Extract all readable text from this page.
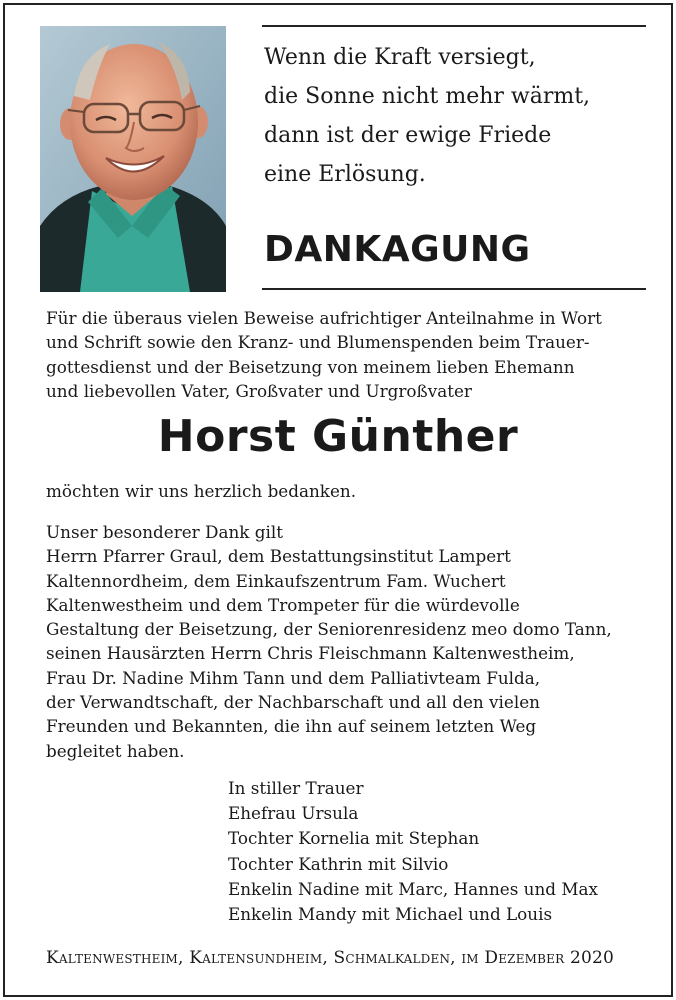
Wenn die Kraft versiegt,
die Sonne nicht mehr wärmt,
dann ist der ewige Friede
eine Erlösung.
DANKAGUNG
Für die überaus vielen Beweise aufrichtiger Anteilnahme in Wort
und Schrift sowie den Kranz- und Blumenspenden beim Trauer-
gottesdienst und der Beisetzung von meinem lieben Ehemann
und liebevollen Vater, Großvater und Urgroßvater
Horst Günther
möchten wir uns herzlich bedanken.
Unser besonderer Dank gilt
Herrn Pfarrer Graul, dem Bestattungsinstitut Lampert
Kaltennordheim, dem Einkaufszentrum Fam. Wuchert
Kaltenwestheim und dem Trompeter für die würdevolle
Gestaltung der Beisetzung, der Seniorenresidenz meo domo Tann,
seinen Hausärzten Herrn Chris Fleischmann Kaltenwestheim,
Frau Dr. Nadine Mihm Tann und dem Palliativteam Fulda,
der Verwandtschaft, der Nachbarschaft und all den vielen
Freunden und Bekannten, die ihn auf seinem letzten Weg
begleitet haben.
In stiller Trauer
Ehefrau Ursula
Tochter Kornelia mit Stephan
Tochter Kathrin mit Silvio
Enkelin Nadine mit Marc, Hannes und Max
Enkelin Mandy mit Michael und Louis
Kaltenwestheim, Kaltensundheim, Schmalkalden, im Dezember 2020
